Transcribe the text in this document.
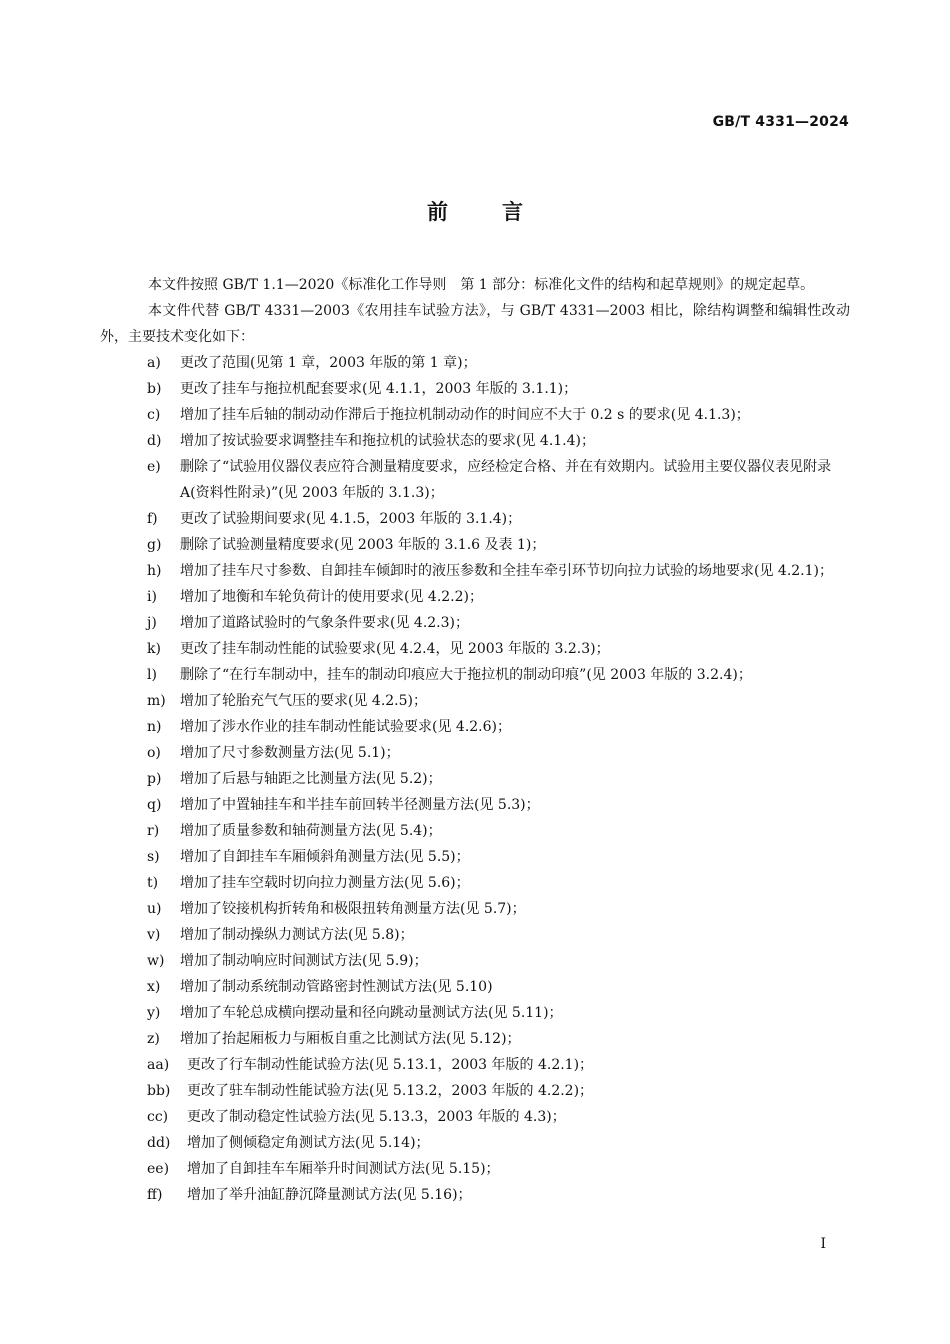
GB/T 4331—2024
前	言

本文件按照 GB/T 1.1—2020《标准化工作导则　第 1 部分：标准化文件的结构和起草规则》的规定起草。

本文件代替 GB/T 4331—2003《农用挂车试验方法》，与 GB/T 4331—2003 相比，除结构调整和编辑性改动外，主要技术变化如下：

a) 更改了范围(见第 1 章，2003 年版的第 1 章)；
b) 更改了挂车与拖拉机配套要求(见 4.1.1，2003 年版的 3.1.1)；
c) 增加了挂车后轴的制动动作滞后于拖拉机制动动作的时间应不大于 0.2 s 的要求(见 4.1.3)；
d) 增加了按试验要求调整挂车和拖拉机的试验状态的要求(见 4.1.4)；
e) 删除了“试验用仪器仪表应符合测量精度要求，应经检定合格、并在有效期内。试验用主要仪器仪表见附录 A(资料性附录)”(见 2003 年版的 3.1.3)；
f) 更改了试验期间要求(见 4.1.5，2003 年版的 3.1.4)；
g) 删除了试验测量精度要求(见 2003 年版的 3.1.6 及表 1)；
h) 增加了挂车尺寸参数、自卸挂车倾卸时的液压参数和全挂车牵引环节切向拉力试验的场地要求(见 4.2.1)；
i) 增加了地衡和车轮负荷计的使用要求(见 4.2.2)；
j) 增加了道路试验时的气象条件要求(见 4.2.3)；
k) 更改了挂车制动性能的试验要求(见 4.2.4，见 2003 年版的 3.2.3)；
l) 删除了“在行车制动中，挂车的制动印痕应大于拖拉机的制动印痕”(见 2003 年版的 3.2.4)；
m) 增加了轮胎充气气压的要求(见 4.2.5)；
n) 增加了涉水作业的挂车制动性能试验要求(见 4.2.6)；
o) 增加了尺寸参数测量方法(见 5.1)；
p) 增加了后悬与轴距之比测量方法(见 5.2)；
q) 增加了中置轴挂车和半挂车前回转半径测量方法(见 5.3)；
r) 增加了质量参数和轴荷测量方法(见 5.4)；
s) 增加了自卸挂车车厢倾斜角测量方法(见 5.5)；
t) 增加了挂车空载时切向拉力测量方法(见 5.6)；
u) 增加了铰接机构折转角和极限扭转角测量方法(见 5.7)；
v) 增加了制动操纵力测试方法(见 5.8)；
w) 增加了制动响应时间测试方法(见 5.9)；
x) 增加了制动系统制动管路密封性测试方法(见 5.10)
y) 增加了车轮总成横向摆动量和径向跳动量测试方法(见 5.11)；
z) 增加了抬起厢板力与厢板自重之比测试方法(见 5.12)；
aa) 更改了行车制动性能试验方法(见 5.13.1，2003 年版的 4.2.1)；
bb) 更改了驻车制动性能试验方法(见 5.13.2，2003 年版的 4.2.2)；
cc) 更改了制动稳定性试验方法(见 5.13.3，2003 年版的 4.3)；
dd) 增加了侧倾稳定角测试方法(见 5.14)；
ee) 增加了自卸挂车车厢举升时间测试方法(见 5.15)；
ff) 增加了举升油缸静沉降量测试方法(见 5.16)；
I
